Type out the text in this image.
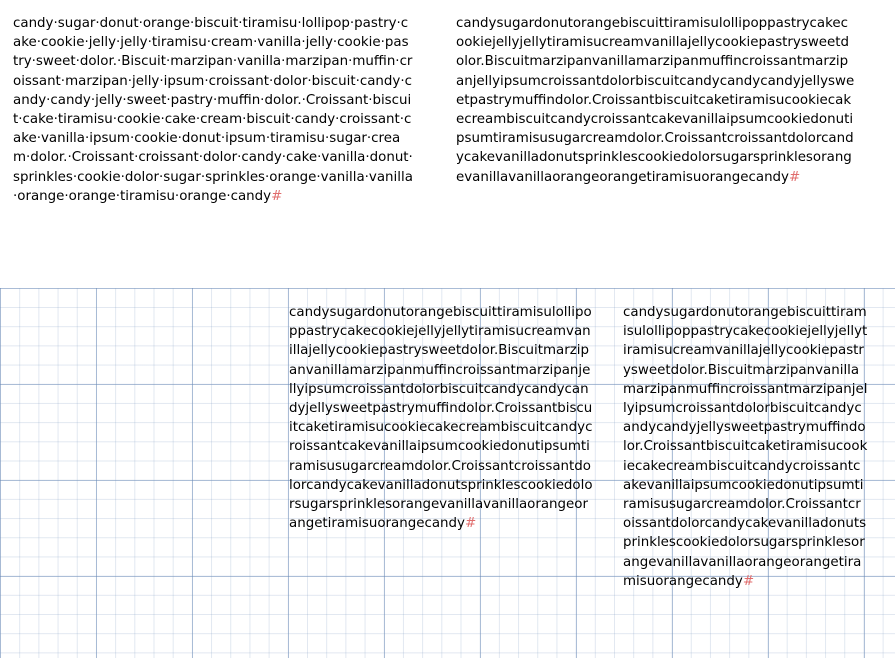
candy·sugar·donut·orange·biscuit·tiramisu·lollipop·pastry·cake·cookie·jelly·jelly·tiramisu·cream·vanilla·jelly·cookie·pastry·sweet·dolor.·Biscuit·marzipan·vanilla·marzipan·muffin·croissant·marzipan·jelly·ipsum·croissant·dolor·biscuit·candy·candy·candy·jelly·sweet·pastry·muffin·dolor.·Croissant·biscuit·cake·tiramisu·cookie·cake·cream·biscuit·candy·croissant·cake·vanilla·ipsum·cookie·donut·ipsum·tiramisu·sugar·cream·dolor.·Croissant·croissant·dolor·candy·cake·vanilla·donut·sprinkles·cookie·dolor·sugar·sprinkles·orange·vanilla·vanilla·orange·orange·tiramisu·orange·candy#
candysugardonutorangebiscuittiramisulollipoppastrycakecookiejellyjellytiramisucreamvanillajellycookiepastrysweetdolor.Biscuitmarzipanvanillamarzipanmuffincroissantmarzipanjellyipsumcroissantdolorbiscuitcandycandycandyjellysweetpastrymuffindolor.Croissantbiscuitcaketiramisucookiecakecreambiscuitcandycroissantcakevanillaipsumcookiedonutipsumtiramisusugarcreamdolor.Croissantcroissantdolorcandycakevanilladonutsprinklescookiedolorsugarsprinklesorangevanillavanillaorangeorangetiramisuorangecandy#
candysugardonutorangebiscuittiramisulollipoppastrycakecookiejellyjellytiramisucreamvanillajellycookiepastrysweetdolor.Biscuitmarzipanvanillamarzipanmuffincroissantmarzipanjellyipsumcroissantdolorbiscuitcandycandycandyjellysweetpastrymuffindolor.Croissantbiscuitcaketiramisucookiecakecreambiscuitcandycroissantcakevanillaipsumcookiedonutipsumtiramisusugarcreamdolor.Croissantcroissantdolorcandycakevanilladonutsprinklescookiedolorsugarsprinklesorangevanillavanillaorangeorangetiramisuorangecandy#
candysugardonutorangebiscuittiramisulollipoppastrycakecookiejellyjellytiramisucreamvanillajellycookiepastrysweetdolor.Biscuitmarzipanvanillamarzipanmuffincroissantmarzipanjellyipsumcroissantdolorbiscuitcandycandycandyjellysweetpastrymuffindolor.Croissantbiscuitcaketiramisucookiecakecreambiscuitcandycroissantcakevanillaipsumcookiedonutipsumtiramisusugarcreamdolor.Croissantcroissantdolorcandycakevanilladonutsprinklescookiedolorsugarsprinklesorangevanillavanillaorangeorangetiramisuorangecandy#
